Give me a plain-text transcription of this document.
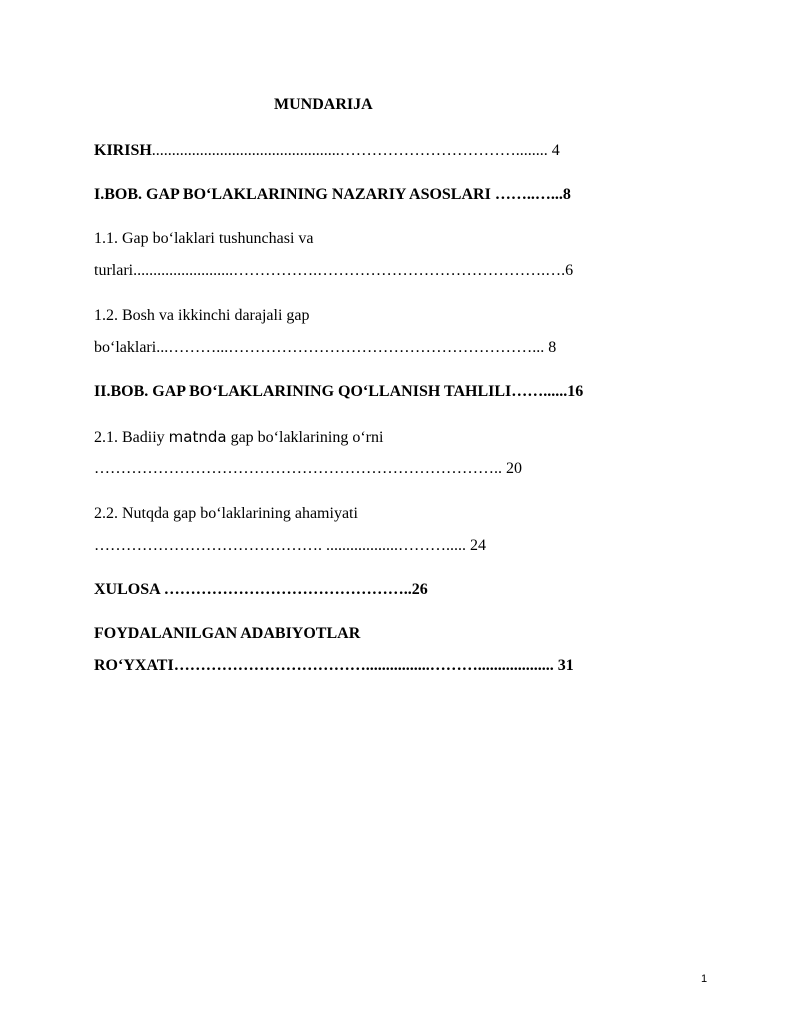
MUNDARIJA
KIRISH...............................................……………………………........ 4
I.BOB. GAP BO‘LAKLARINING NAZARIY ASOSLARI ……..…...8
1.1. Gap bo‘laklari tushunchasi va
turlari.........................…………….…………………………………….….6
1.2. Bosh va ikkinchi darajali gap
bo‘laklari...………...…………………………………………………... 8
II.BOB. GAP BO‘LAKLARINING QO‘LLANISH TAHLILI……......16
2.1. Badiiy matnda gap bo‘laklarining o‘rni
………………………………………………………………….. 20
2.2. Nutqda gap bo‘laklarining ahamiyati
……………………………………. ..................………..... 24
XULOSA ………………………………………..26
FOYDALANILGAN ADABIYOTLAR
RO‘YXATI………………………………................………................... 31
1
